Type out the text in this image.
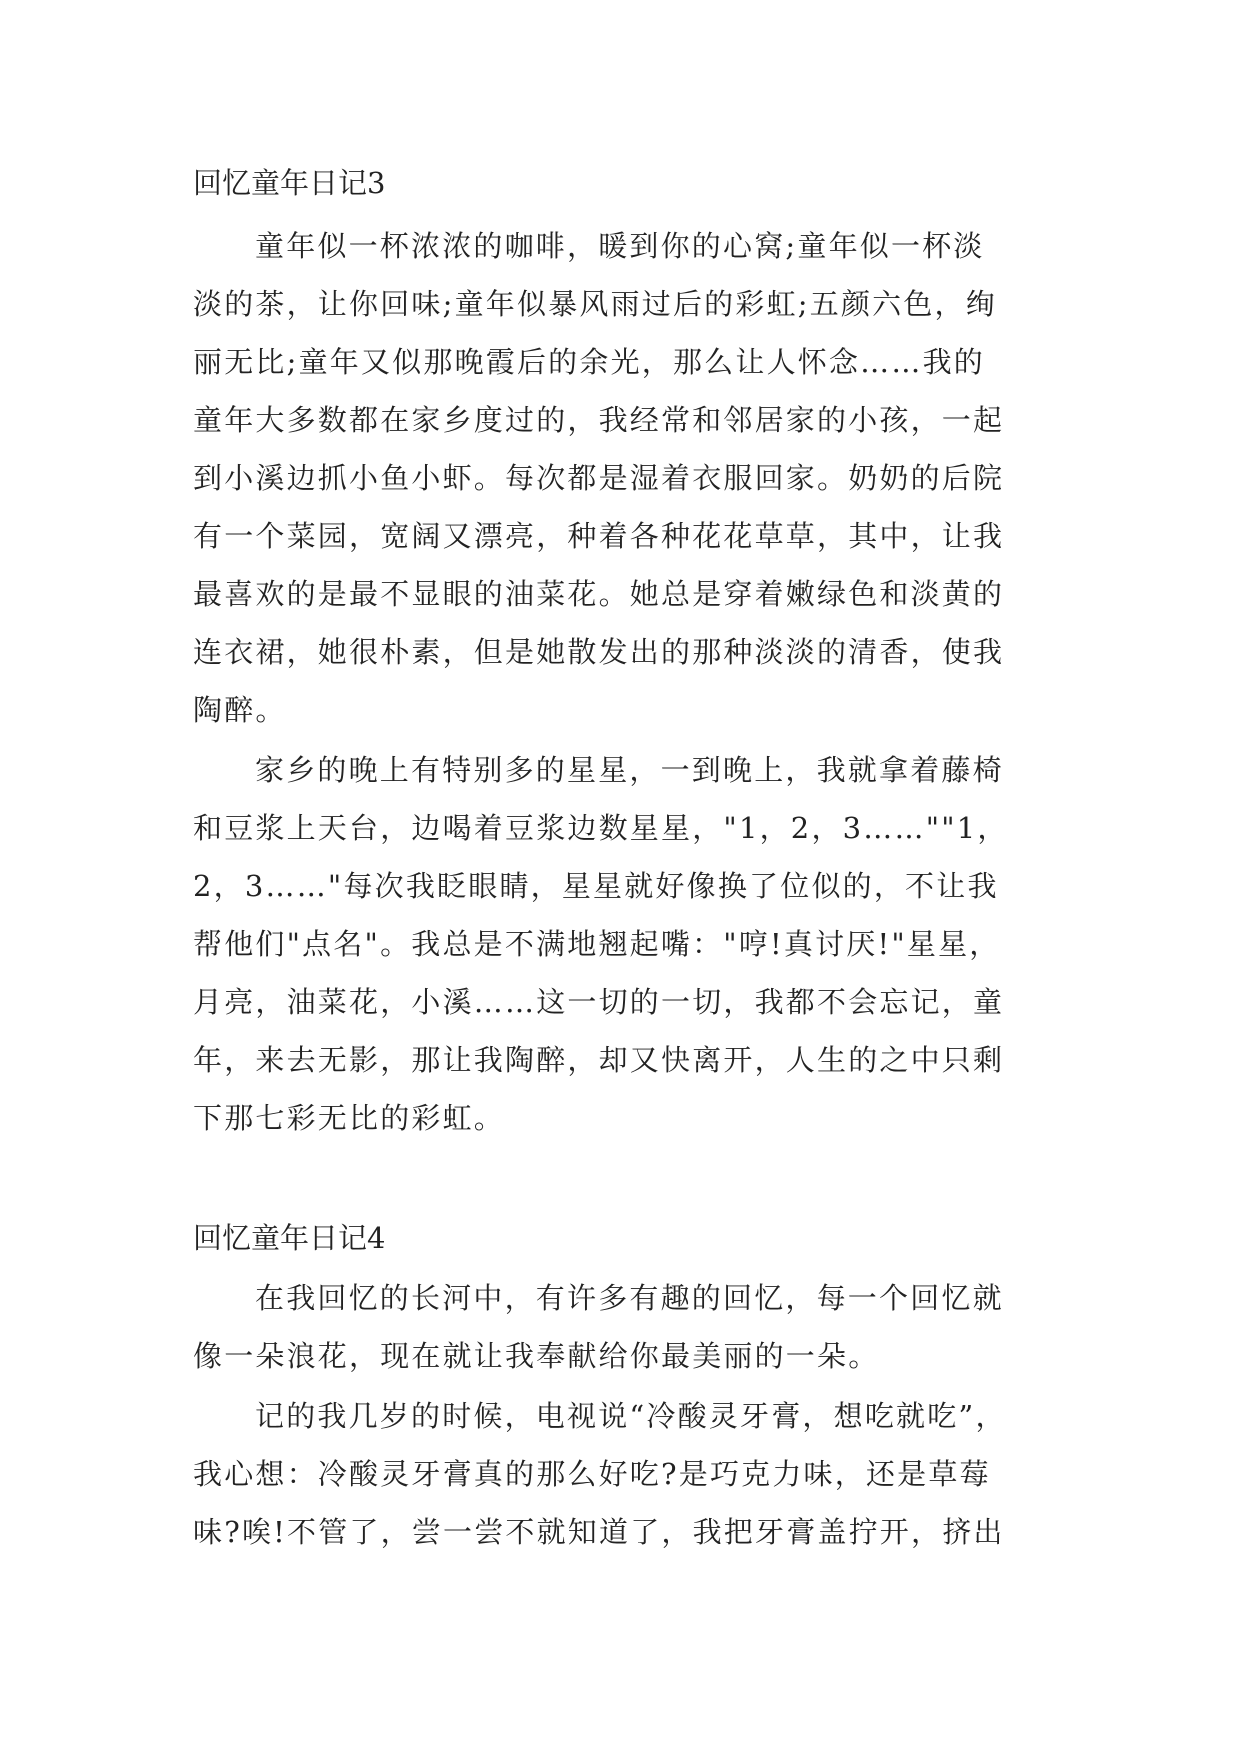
回忆童年日记3
童年似一杯浓浓的咖啡，暖到你的心窝;童年似一杯淡
淡的茶，让你回味;童年似暴风雨过后的彩虹;五颜六色，绚
丽无比;童年又似那晚霞后的余光，那么让人怀念……我的
童年大多数都在家乡度过的，我经常和邻居家的小孩，一起
到小溪边抓小鱼小虾。每次都是湿着衣服回家。奶奶的后院
有一个菜园，宽阔又漂亮，种着各种花花草草，其中，让我
最喜欢的是最不显眼的油菜花。她总是穿着嫩绿色和淡黄的
连衣裙，她很朴素，但是她散发出的那种淡淡的清香，使我
陶醉。
家乡的晚上有特别多的星星，一到晚上，我就拿着藤椅
和豆浆上天台，边喝着豆浆边数星星，"1，2，3……""1，
2，3……"每次我眨眼睛，星星就好像换了位似的，不让我
帮他们"点名"。我总是不满地翘起嘴："哼!真讨厌!"星星，
月亮，油菜花，小溪……这一切的一切，我都不会忘记，童
年，来去无影，那让我陶醉，却又快离开，人生的之中只剩
下那七彩无比的彩虹。
回忆童年日记4
在我回忆的长河中，有许多有趣的回忆，每一个回忆就
像一朵浪花，现在就让我奉献给你最美丽的一朵。
记的我几岁的时候，电视说“冷酸灵牙膏，想吃就吃”，
我心想：冷酸灵牙膏真的那么好吃?是巧克力味，还是草莓
味?唉!不管了，尝一尝不就知道了，我把牙膏盖拧开，挤出
